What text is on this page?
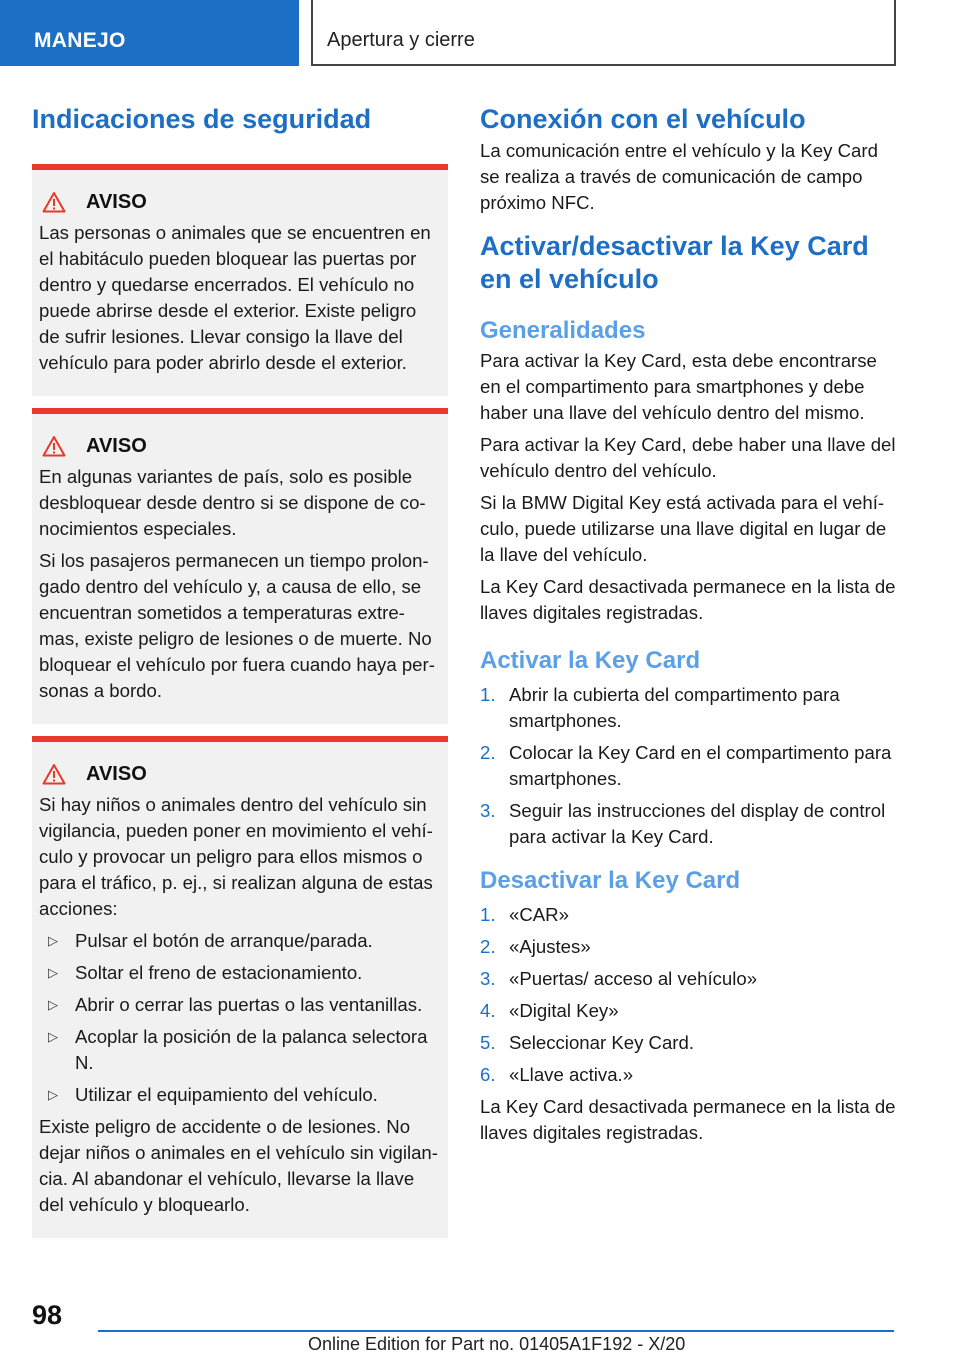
MANEJO	Apertura y cierre
Indicaciones de seguridad
AVISO

Las personas o animales que se encuentren en el habitáculo pueden bloquear las puertas por dentro y quedarse encerrados. El vehículo no puede abrirse desde el exterior. Existe peligro de sufrir lesiones. Llevar consigo la llave del vehículo para poder abrirlo desde el exterior.

AVISO

En algunas variantes de país, solo es posible desbloquear desde dentro si se dispone de co-nocimientos especiales.

Si los pasajeros permanecen un tiempo prolon-gado dentro del vehículo y, a causa de ello, se encuentran sometidos a temperaturas extre-mas, existe peligro de lesiones o de muerte. No bloquear el vehículo por fuera cuando haya per-sonas a bordo.

AVISO

Si hay niños o animales dentro del vehículo sin vigilancia, pueden poner en movimiento el vehí-culo y provocar un peligro para ellos mismos o para el tráfico, p. ej., si realizan alguna de estas acciones:

▷ Pulsar el botón de arranque/parada.
▷ Soltar el freno de estacionamiento.
▷ Abrir o cerrar las puertas o las ventanillas.
▷ Acoplar la posición de la palanca selectora N.
▷ Utilizar el equipamiento del vehículo.

Existe peligro de accidente o de lesiones. No dejar niños o animales en el vehículo sin vigilan-cia. Al abandonar el vehículo, llevarse la llave del vehículo y bloquearlo.

Conexión con el vehículo

La comunicación entre el vehículo y la Key Card se realiza a través de comunicación de campo próximo NFC.

Activar/desactivar la Key Card en el vehículo
Generalidades

Para activar la Key Card, esta debe encontrarse en el compartimento para smartphones y debe haber una llave del vehículo dentro del mismo.

Para activar la Key Card, debe haber una llave del vehículo dentro del vehículo.

Si la BMW Digital Key está activada para el vehí-culo, puede utilizarse una llave digital en lugar de la llave del vehículo.

La Key Card desactivada permanece en la lista de llaves digitales registradas.

Activar la Key Card
1. Abrir la cubierta del compartimento para smartphones.
2. Colocar la Key Card en el compartimento para smartphones.
3. Seguir las instrucciones del display de control para activar la Key Card.
Desactivar la Key Card
1. «CAR»
2. «Ajustes»
3. «Puertas/ acceso al vehículo»
4. «Digital Key»
5. Seleccionar Key Card.
6. «Llave activa.»

La Key Card desactivada permanece en la lista de llaves digitales registradas.

98
Online Edition for Part no. 01405A1F192 - X/20
